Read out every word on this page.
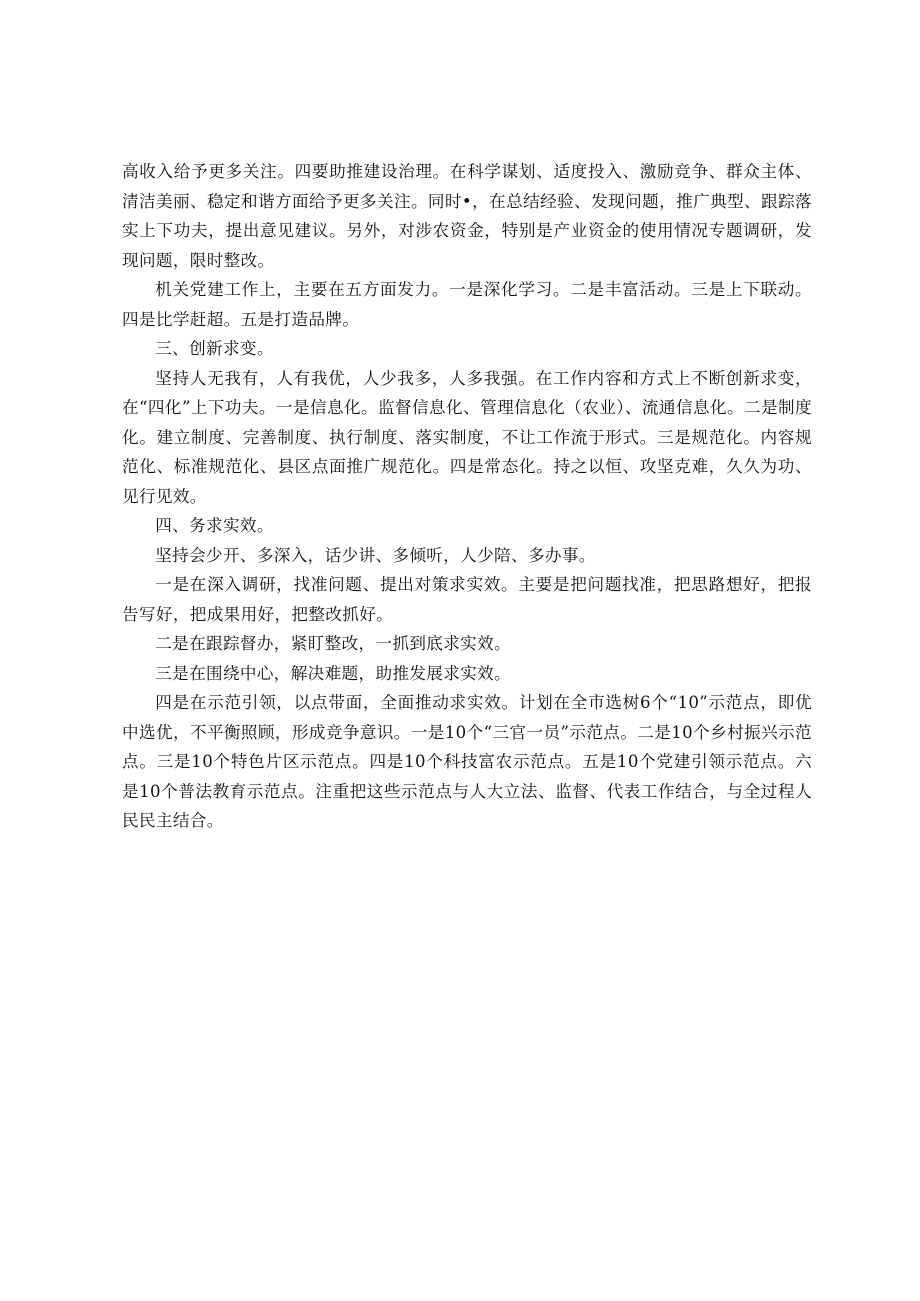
高收入给予更多关注。四要助推建设治理。在科学谋划、适度投入、激励竞争、群众主体、清洁美丽、稳定和谐方面给予更多关注。同时•，在总结经验、发现问题，推广典型、跟踪落实上下功夫，提出意见建议。另外，对涉农资金，特别是产业资金的使用情况专题调研，发现问题，限时整改。

机关党建工作上，主要在五方面发力。一是深化学习。二是丰富活动。三是上下联动。四是比学赶超。五是打造品牌。

三、创新求变。

坚持人无我有，人有我优，人少我多，人多我强。在工作内容和方式上不断创新求变，在“四化”上下功夫。一是信息化。监督信息化、管理信息化（农业）、流通信息化。二是制度化。建立制度、完善制度、执行制度、落实制度，不让工作流于形式。三是规范化。内容规范化、标准规范化、县区点面推广规范化。四是常态化。持之以恒、攻坚克难，久久为功、见行见效。

四、务求实效。

坚持会少开、多深入，话少讲、多倾听，人少陪、多办事。

一是在深入调研，找准问题、提出对策求实效。主要是把问题找准，把思路想好，把报告写好，把成果用好，把整改抓好。

二是在跟踪督办，紧盯整改，一抓到底求实效。

三是在围绕中心，解决难题，助推发展求实效。

四是在示范引领，以点带面，全面推动求实效。计划在全市选树6个“10”示范点，即优中选优，不平衡照顾，形成竞争意识。一是10个“三官一员”示范点。二是10个乡村振兴示范点。三是10个特色片区示范点。四是10个科技富农示范点。五是10个党建引领示范点。六是10个普法教育示范点。注重把这些示范点与人大立法、监督、代表工作结合，与全过程人民民主结合。
